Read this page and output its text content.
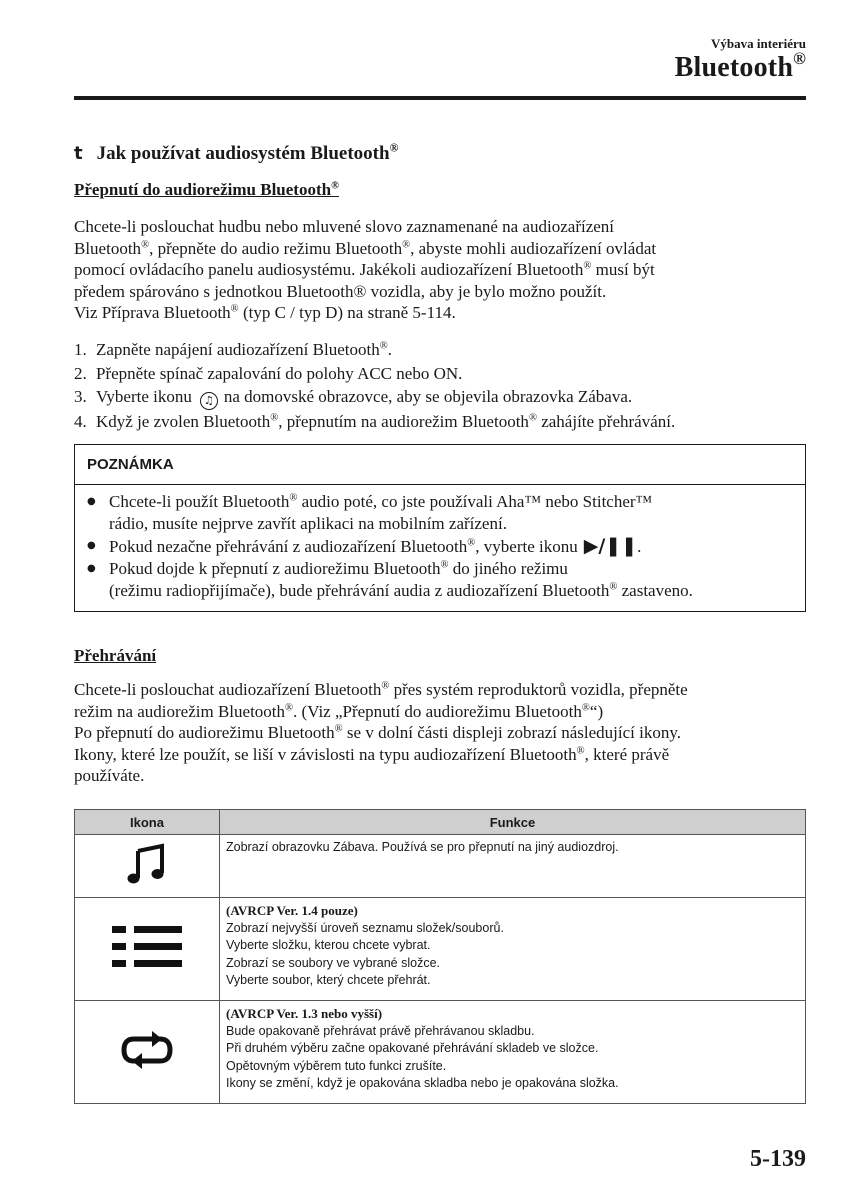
Výbava interiéru
Bluetooth®
t Jak používat audiosystém Bluetooth®
Přepnutí do audiorežimu Bluetooth®

Chcete-li poslouchat hudbu nebo mluvené slovo zaznamenané na audiozařízení

Bluetooth®, přepněte do audio režimu Bluetooth®, abyste mohli audiozařízení ovládat

pomocí ovládacího panelu audiosystému. Jakékoli audiozařízení Bluetooth® musí být

předem spárováno s jednotkou Bluetooth® vozidla, aby je bylo možno použít.

Viz Příprava Bluetooth® (typ C / typ D) na straně 5-114.

1. Zapněte napájení audiozařízení Bluetooth®.
2. Přepněte spínač zapalování do polohy ACC nebo ON.
3. Vyberte ikonu ♫ na domovské obrazovce, aby se objevila obrazovka Zábava.
4. Když je zvolen Bluetooth®, přepnutím na audiorežim Bluetooth® zahájíte přehrávání.
POZNÁMKA
● Chcete-li použít Bluetooth® audio poté, co jste používali Aha™ nebo Stitcher™
rádio, musíte nejprve zavřít aplikaci na mobilním zařízení.
● Pokud nezačne přehrávání z audiozařízení Bluetooth®, vyberte ikonu ▶/❚❚.
● Pokud dojde k přepnutí z audiorežimu Bluetooth® do jiného režimu
(režimu radiopřijímače), bude přehrávání audia z audiozařízení Bluetooth® zastaveno.
Přehrávání

Chcete-li poslouchat audiozařízení Bluetooth® přes systém reproduktorů vozidla, přepněte

režim na audiorežim Bluetooth®. (Viz „Přepnutí do audiorežimu Bluetooth®“)

Po přepnutí do audiorežimu Bluetooth® se v dolní části displeji zobrazí následující ikony.

Ikony, které lze použít, se liší v závislosti na typu audiozařízení Bluetooth®, které právě

používáte.

Ikona	Funkce

Zobrazí obrazovku Zábava. Používá se pro přepnutí na jiný audiozdroj.

(AVRCP Ver. 1.4 pouze)
Zobrazí nejvyšší úroveň seznamu složek/souborů.
Vyberte složku, kterou chcete vybrat.
Zobrazí se soubory ve vybrané složce.
Vyberte soubor, který chcete přehrát.

(AVRCP Ver. 1.3 nebo vyšší)
Bude opakovaně přehrávat právě přehrávanou skladbu.
Při druhém výběru začne opakované přehrávání skladeb ve složce.
Opětovným výběrem tuto funkci zrušíte.
Ikony se změní, když je opakována skladba nebo je opakována složka.
5-139
